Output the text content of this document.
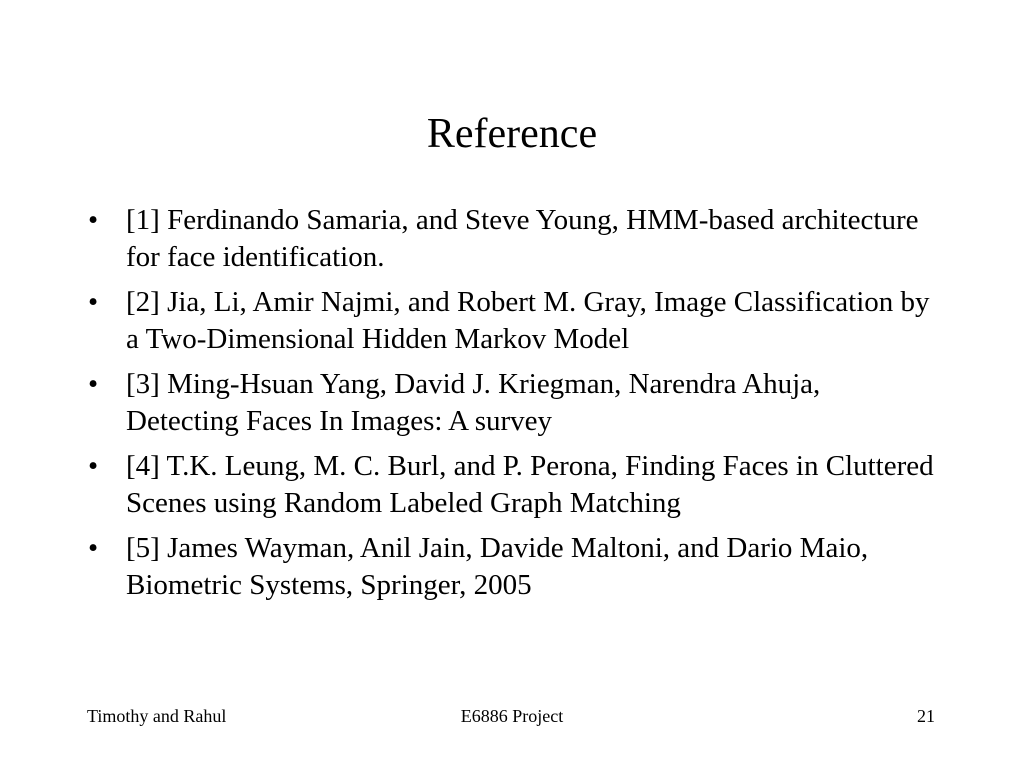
Reference
• [1] Ferdinando Samaria, and Steve Young, HMM-based architecture for face identification.
• [2] Jia, Li, Amir Najmi, and Robert M. Gray, Image Classification by a Two-Dimensional Hidden Markov Model
• [3] Ming-Hsuan Yang, David J. Kriegman, Narendra Ahuja, Detecting Faces In Images: A survey
• [4] T.K. Leung, M. C. Burl, and P. Perona, Finding Faces in Cluttered Scenes using Random Labeled Graph Matching
• [5] James Wayman, Anil Jain, Davide Maltoni, and Dario Maio, Biometric Systems, Springer, 2005
Timothy and Rahul	E6886 Project	21
